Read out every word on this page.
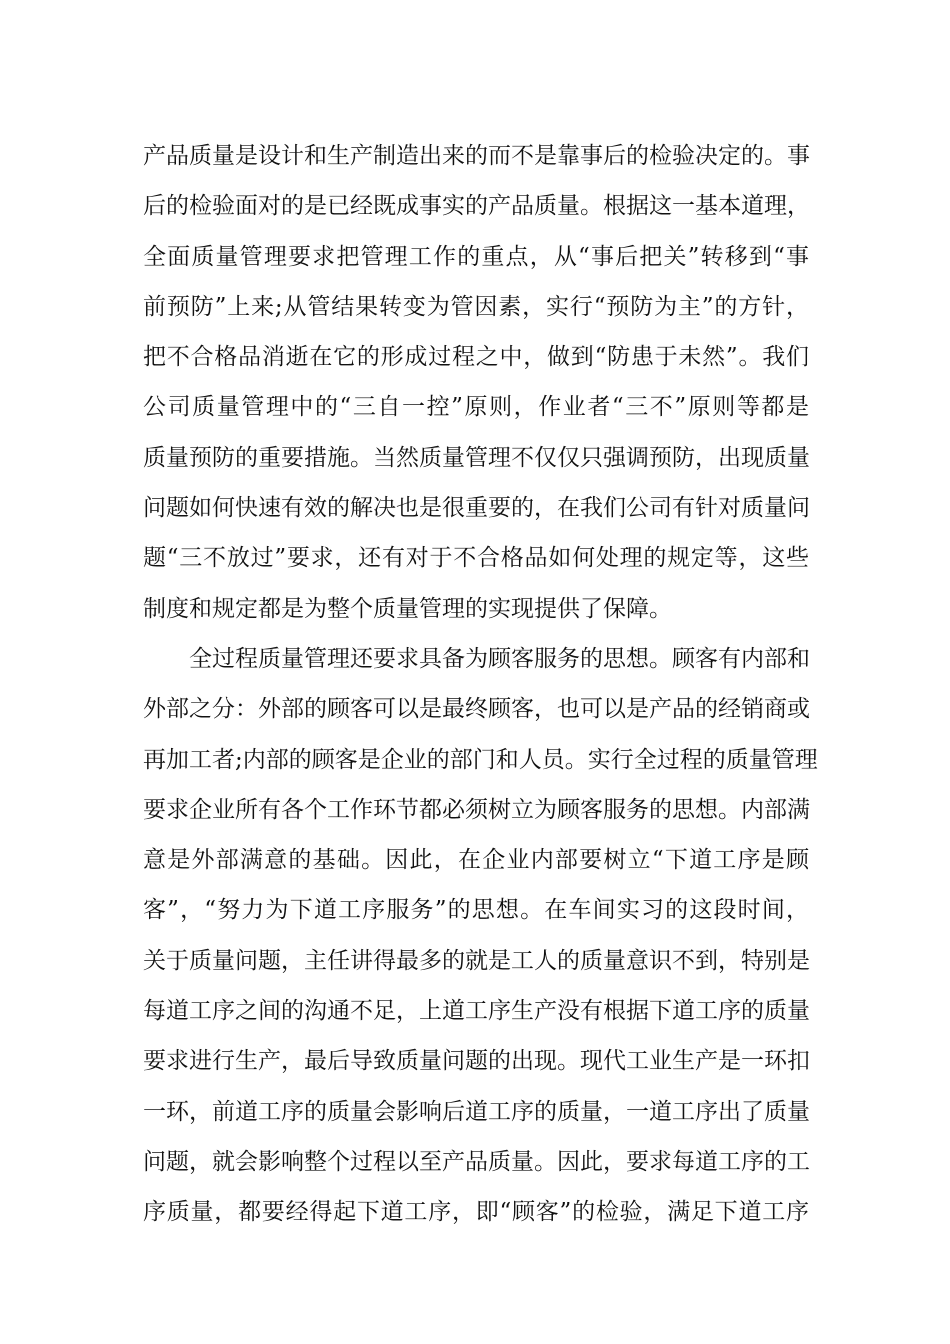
产品质量是设计和生产制造出来的而不是靠事后的检验决定的。事
后的检验面对的是已经既成事实的产品质量。根据这一基本道理，
全面质量管理要求把管理工作的重点，从“事后把关”转移到“事
前预防”上来;从管结果转变为管因素，实行“预防为主”的方针，
把不合格品消逝在它的形成过程之中，做到“防患于未然”。我们
公司质量管理中的“三自一控”原则，作业者“三不”原则等都是
质量预防的重要措施。当然质量管理不仅仅只强调预防，出现质量
问题如何快速有效的解决也是很重要的，在我们公司有针对质量问
题“三不放过”要求，还有对于不合格品如何处理的规定等，这些
制度和规定都是为整个质量管理的实现提供了保障。
全过程质量管理还要求具备为顾客服务的思想。顾客有内部和
外部之分：外部的顾客可以是最终顾客，也可以是产品的经销商或
再加工者;内部的顾客是企业的部门和人员。实行全过程的质量管理
要求企业所有各个工作环节都必须树立为顾客服务的思想。内部满
意是外部满意的基础。因此，在企业内部要树立“下道工序是顾
客”，“努力为下道工序服务”的思想。在车间实习的这段时间，
关于质量问题，主任讲得最多的就是工人的质量意识不到，特别是
每道工序之间的沟通不足，上道工序生产没有根据下道工序的质量
要求进行生产，最后导致质量问题的出现。现代工业生产是一环扣
一环，前道工序的质量会影响后道工序的质量，一道工序出了质量
问题，就会影响整个过程以至产品质量。因此，要求每道工序的工
序质量，都要经得起下道工序，即“顾客”的检验，满足下道工序
